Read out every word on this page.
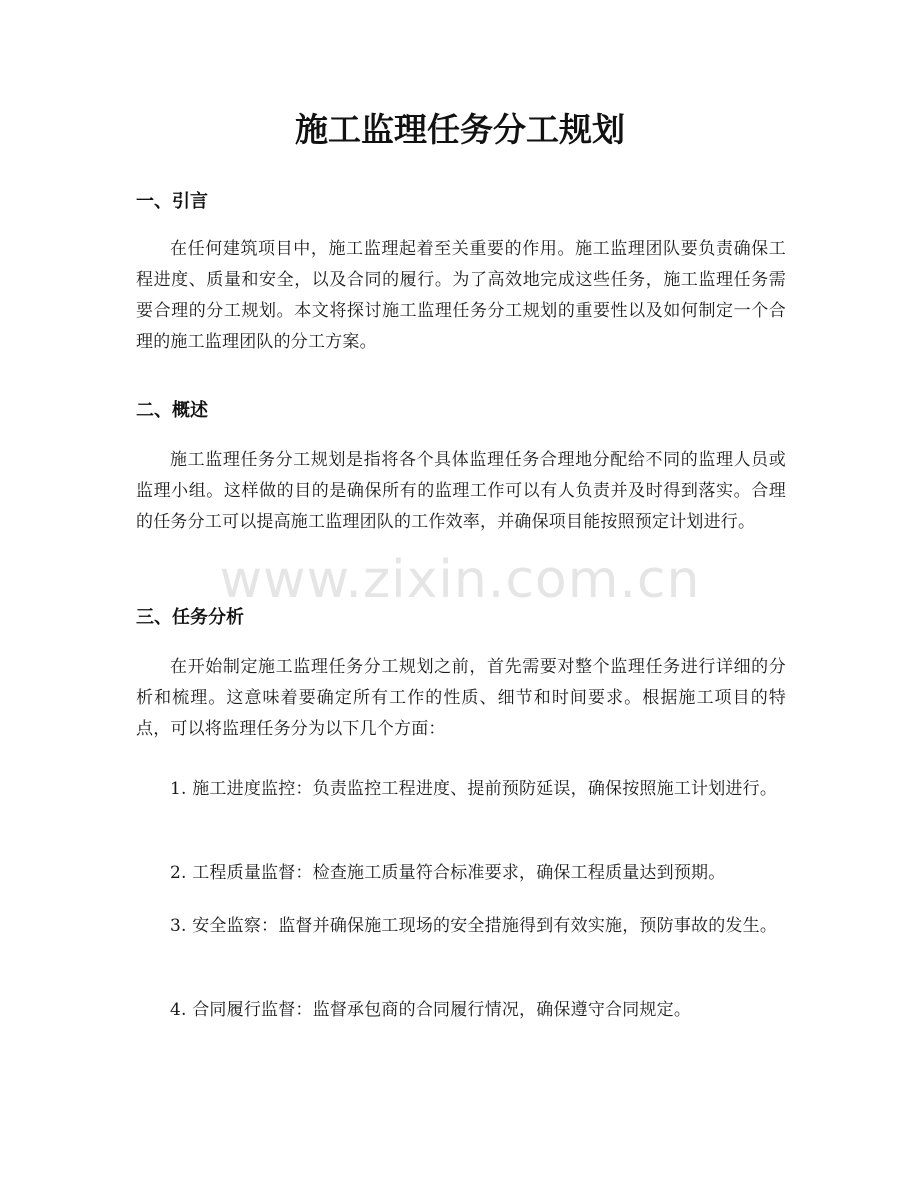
施工监理任务分工规划
一、引言
在任何建筑项目中，施工监理起着至关重要的作用。施工监理团队要负责确保工程进度、质量和安全，以及合同的履行。为了高效地完成这些任务，施工监理任务需要合理的分工规划。本文将探讨施工监理任务分工规划的重要性以及如何制定一个合理的施工监理团队的分工方案。
二、概述
施工监理任务分工规划是指将各个具体监理任务合理地分配给不同的监理人员或监理小组。这样做的目的是确保所有的监理工作可以有人负责并及时得到落实。合理的任务分工可以提高施工监理团队的工作效率，并确保项目能按照预定计划进行。
www.zixin.com.cn
三、任务分析
在开始制定施工监理任务分工规划之前，首先需要对整个监理任务进行详细的分析和梳理。这意味着要确定所有工作的性质、细节和时间要求。根据施工项目的特点，可以将监理任务分为以下几个方面：
1. 施工进度监控：负责监控工程进度、提前预防延误，确保按照施工计划进行。
2. 工程质量监督：检查施工质量符合标准要求，确保工程质量达到预期。
3. 安全监察：监督并确保施工现场的安全措施得到有效实施，预防事故的发生。
4. 合同履行监督：监督承包商的合同履行情况，确保遵守合同规定。
